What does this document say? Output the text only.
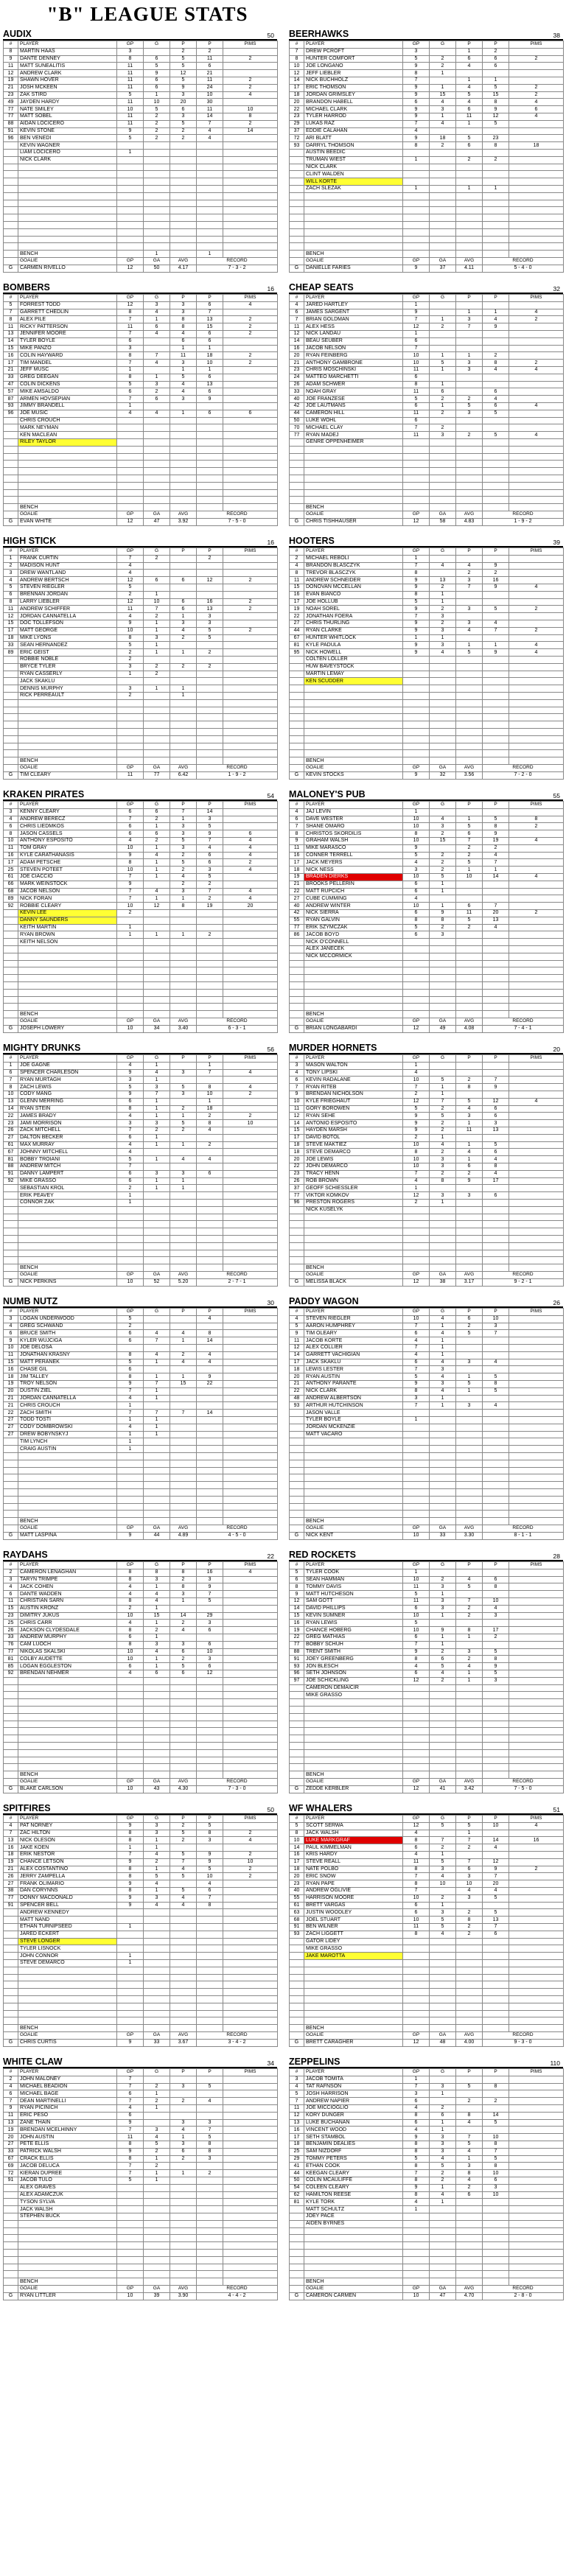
"B" LEAGUE STATS
AUDIX	50
#	PLAYER	GP	G	P	P	PIMS
8	MARTIN HAAS	3		2	2	
9	DANTE DENNEY	8	6	5	11	2
11	MATT SUNEALITIS	11	5	5	6	
12	ANDREW CLARK	11	9	12	21	
19	SHAWN HOVER	11	6	5	11	2
21	JOSH MCKEEN	11	6	9	24	2
23	ZAK STIRD	5	1	3	10	4
49	JAYDEN HARDY	11	10	20	30	
77	NATE SMILEY	10	5	6	11	10
77	MATT SOBEL	11	2	3	14	8
88	AIDAN LOCICERO	11	2	5	7	2
91	KEVIN STONE	9	2	2	4	14
96	BEN VENEDI	5	2	2	4	
	KEVIN WAGNER					
	LIAM LOCICERO	1				
	NICK CLARK					

	BENCH		1		1	
	GOALIE	GP	GA	AVG	RECORD	
G	CARMEN RIVELLO	12	50	4.17	7 - 3 - 2	
BEERHAWKS	38
#	PLAYER	GP	G	P	P	PIMS
7	DREW PCROFT	3		1	2	
8	HUNTER COMFORT	5	2	6	6	2
10	JOE LONGANO	9	2	4	6	
12	JEFF LIEBLER	8	1			
14	NICK BUCHHOLZ	7		1	1	
17	ERIC THOMSON	9	1	4	5	2
18	JORDAN GRIMSLEY	9	15	5	15	2
20	BRANDON HABELL	6	4	4	8	4
22	MICHAEL CLARK	9	3	6	9	6
23	TYLER HARROD	9	1	11	12	4
29	LUKAS RAZ	7	4	1	5	
37	EDDIE CALAHAN	4				
72	ARI BLATT	9	18	5	23	
93	DARRYL THOMSON	8	2	6	8	18
	AUSTIN BEEDIC					
	TRUMAN WIEST	1		2	2	
	NICK CLARK					
	CLINT WALDEN					
	WILL KORTE					
	ZACH SLEZAK	1		1	1	

	BENCH					
	GOALIE	GP	GA	AVG	RECORD	
G	DANIELLE FARIES	9	37	4.11	5 - 4 - 0	
BOMBERS	16
#	PLAYER	GP	G	P	P	PIMS
5	FORREST TODD	12	3	3	6	4
7	GARRETT CHEDLIN	8	4	3	7	
8	ALEX PILE	7	1	8	13	2
11	RICKY PATTERSON	11	6	8	15	2
13	JENNIFER MOORE	7	4	4	6	2
14	TYLER BOYLE	6		6	6	
15	MIKE PANZO	3		1	1	
16	COLIN HAYWARD	8	7	11	18	2
17	TIM MANDEL	7	4	3	10	2
21	JEFF MUSC	1		1	1	
33	GREG DEEGAN	8	1	5	6	
47	COLIN DICKENS	5	3	4	13	
57	MIKE AMSALDO	6	2	4	6	
87	ARMEN HOVSEPIAN	7	6	3	9	
93	JIMMY BRANDELL	1				
96	JOE MUSIC	4	4	1	6	6
	CHRIS CROUCH					
	MARK NEYMAN					
	KEN MACLEAN					
	RILEY TAYLOR					

	BENCH					
	GOALIE	GP	GA	AVG	RECORD	
G	EVAN WHITE	12	47	3.92	7 - 5 - 0	
CHEAP SEATS	32
#	PLAYER	GP	G	P	P	PIMS
4	JARED HARTLEY	1				
6	JAMES SARGENT	9		1	1	4
7	BRIAN GOLDMAN	7	1	3	4	2
11	ALEX HESS	12	2	7	9	
12	NICK LANDAU	1				
14	BEAU SEUBER	6				
16	JACOB NELSON	7				
20	RYAN FEINBERG	10	1	1	2	
21	ANTHONY GAMBRONE	10	5	3	8	2
23	CHRIS MOSCHINSKI	11	1	3	4	4
24	MATTEO MARCHETTI	6				
26	ADAM SCHWER	8	1			
33	NOAH GRAY	11	6		6	
40	JOE FRANZESE	5	2	2	4	
42	JOE LAUTMANS	6	1	5	6	4
44	CAMERON HILL	11	2	3	5	
50	LUKE WOHL	6				
70	MICHAEL CLAY	7	2			
77	RYAN MADEJ	11	3	2	5	4
	GENRE OPPENHEIMER					

	BENCH					
	GOALIE	GP	GA	AVG	RECORD	
G	CHRIS TISHHAUSER	12	58	4.83	1 - 9 - 2	
HIGH STICK	16
#	PLAYER	GP	G	P	P	PIMS
1	FRANK CURTIN	7	2		2	
2	MADISON HUNT	4				
3	DREW WANTLAND	4				
4	ANDREW BERTSCH	12	6	6	12	2
5	STEVEN RIEGLER	5				
6	BRENNAN JORDAN	2	1			
8	LARRY LIEBLER	12	10	6	16	2
11	ANDREW SCHIFFER	11	7	6	13	2
12	JORDAN CANNATELLA	4	2	1	3	
15	DOC TOLLEFSON	9	1	3	3	
17	MATT GEORGE	10	1	4	5	2
18	MIKE LYONS	8	3	2	5	
33	SEAN HERNANDEZ	5	1			
89	ERIC GEIST	2	1	1	2	
	ROBBIE NOBLE	2				
	BRYCE TYLER	3	2	2	2	
	RYAN CASSERLY	1	2			
	JACK SKAKLU					
	DENNIS MURPHY	3	1	1		
	RICK PERREAULT	2		1		

	BENCH					
	GOALIE	GP	GA	AVG	RECORD	
G	TIM CLEARY	11	77	6.42	1 - 9 - 2	
HOOTERS	39
#	PLAYER	GP	G	P	P	PIMS
2	MICHAEL REBOLI	1				
4	BRANDON BLASCZYK	7	4	4	9	
8	TREVOR BLASCZYK	8		2	2	
11	ANDREW SCHNEIDER	9	13	3	16	
15	DONOVAN MCCELLAN	9	2	7	9	4
16	EVAN BIANCO	8	1			
17	JOE HOLLUB	5	1			
19	NOAH SOREL	9	2	3	5	2
22	JONATHAN FOERA	7	3			
27	CHRIS THURLING	9	2	3	4	
44	RYAN CLARKE	9	3	4	7	2
67	HUNTER WHITLOCK	1	1			
81	KYLE PADULA	9	3	1	1	4
95	NICK HOWELL	9	4	5	9	4
	COLTEN LOLLER					
	HUW BAVEYSTOCK					
	MARTIN LEMAY					
	KEN SCUDDER					

	BENCH					
	GOALIE	GP	GA	AVG	RECORD	
G	KEVIN STOCKS	9	32	3.56	7 - 2 - 0	
KRAKEN PIRATES	54
#	PLAYER	GP	G	P	P	PIMS
3	KENNY CLEARY	6	6	7	14	
4	ANDREW BERECZ	7	2	1	3	
6	CHRIS LIEDMKOS	6	1	3	5	
8	JASON CASSELS	6	6	3	9	6
10	ANTHONY ESPOSITO	4	2	5	7	4
11	TOM GRAY	10	1	3	4	4
16	KYLE CARATHANASIS	9	4	2	6	4
17	ADAM PETSCHE	8	1	5	6	2
25	STEVEN POTEET	10	1	2	3	4
61	JOE CIACCIO	7	1	4	5	
66	MARK WEINSTOCK	9		2	2	
68	JACOB NELSON	7	4	3	7	4
89	NICK FORAN	7	1	1	2	4
92	ROBBIE CLEARY	10	12	8	19	20
	KEVIN LEE	2				
	DANNY SAUNDERS					
	KEITH MARTIN	1				
	RYAN BROWN	1	1	1	2	
	KEITH NELSON					

	BENCH					
	GOALIE	GP	GA	AVG	RECORD	
G	JOSEPH LOWERY	10	34	3.40	6 - 3 - 1	
MALONEY'S PUB	55
#	PLAYER	GP	G	P	P	PIMS
4	JAJ LEVIN	1				
6	DAVE WESTER	10	4	1	5	8
7	SHANE OMARO	10	3	5	8	2
8	CHRISTOS SKORDILIS	8	2	6	9	
9	GRAHAM WALSH	10	15	7	19	4
11	MIKE MARASCO	9		2	2	
16	CONNER TERRELL	5	2	2	4	
17	JACK MEYERS	4	2	5	7	
18	NICK NESS	3	2	1	1	
19	BRADEN DIERKS	10	5	10	14	4
21	BROOKS PELLERIN	6	1			
22	MATT RUPCICH	6	1			
27	CUBE CUMMING	4				
40	ANDREW WINTER	10	1	6	7	
42	NICK SIERRA	6	9	11	20	2
55	RYAN GALVIN	8	8	5	13	
77	ERIK SZYMCZAK	5	2	2	4	
86	JACOB BOYD	6	3			
	NICK O'CONNELL					
	ALEX JANECEK					
	NICK MCCORMICK					

	BENCH					
	GOALIE	GP	GA	AVG	RECORD	
G	BRIAN LONGABARDI	12	49	4.08	7 - 4 - 1	
MIGHTY DRUNKS	56
#	PLAYER	GP	G	P	P	PIMS
1	JOE GAGNE	4	1		1	
6	SPENCER CHARLESON	9	4	3	7	4
7	RYAN MURTAGH	3	1			
8	ZACH LEWIS	5	3	5	8	4
10	CODY MANG	9	7	3	10	2
13	GLENN MERRING	6	1		1	
14	RYAN STEIN	8	1	2	18	
22	JAMES BRADY	4	1	1	2	2
23	JAMI MORRISON	3	3	5	8	10
26	ZACK MITCHELL	7	2	2	4	
27	DALTON BECKER	6	1			
61	MAX MURRAY	4	1	1	2	
67	JOHNNY MITCHELL	4				
81	BOBBY TROIANI	5	1	4	4	
88	ANDREW MITCH	7				
91	DANNY LAMPERT	6	3	3	6	
92	MIKE GRASSO	6	1	1		
	SEBASTIAN KROL	2	1	1		
	ERIK PEAVEY	1				
	CONNOR ZAK	1				

	BENCH					
	GOALIE	GP	GA	AVG	RECORD	
G	NICK PERKINS	10	52	5.20	2 - 7 - 1	
MURDER HORNETS	20
#	PLAYER	GP	G	P	P	PIMS
3	MASON WALTON	1				
4	TONY LIPSKI	4				
6	KEVIN RADALANE	10	5	2	7	
7	RYAN RITEB	7	1	8	9	
9	BRENDAN NICHOLSON	2	1			
10	KYLE FRIEGHAUT	12	7	5	12	4
11	GORY BOROWEN	5	2	4	6	
12	RYAN SEHE	9	5	3	6	
14	ANTONIO ESPOSITO	9	2	1	3	
15	HAYDEN MARSH	9	2	11	13	
17	DAVID BOTOL	2	1			
18	STEVE MAKTIEZ	10	4	1	5	
18	STEVE DEMARCO	8	2	4	6	
20	JOE LEWIS	10	3	1	4	
22	JOHN DEMARCO	10	3	6	8	
23	TRACY HENN	7	2	2	4	
26	ROB BROWN	4	8	9	17	
37	GEOFF SCHIESSLER	1				
77	VIKTOR KOMKOV	12	3	3	6	
96	PRESTON ROGERS	2	1			
	NICK KUSELYK					

	BENCH					
	GOALIE	GP	GA	AVG	RECORD	
G	MELISSA BLACK	12	38	3.17	9 - 2 - 1	
NUMB NUTZ	30
#	PLAYER	GP	G	P	P	PIMS
3	LOGAN UNDERWOOD	5			4	
4	GREG SCHWAND	2				
6	BRUCE SMITH	6	4	4	8	
9	KYLER WUJCIGA	6	7	1	14	
10	JOE DELOSA					
11	JONATHAN KRASNY	8	4	2	4	
15	MATT PERANEK	5	1	4	4	
16	CHASE GIL	6				
18	JIM TALLEY	8	1	1	9	
19	TROY NELSON	9	7	15	22	
20	DUSTIN ZIEL	7	1			
21	JORDAN CANNATELLA	4	1			
21	CHRIS CROUCH	1				
22	ZACH SMITH	7	7	7	14	
27	TODD TOSTI	1	1			
27	CODY DOMBROWSKI	4	1			
27	DREW BOBYNSKYJ	1	1			
	TIM LYNCH	1				
	CRAIG AUSTIN	1				

	BENCH					
	GOALIE	GP	GA	AVG	RECORD	
G	MATT LASPINA	9	44	4.89	4 - 5 - 0	
PADDY WAGON	26
#	PLAYER	GP	G	P	P	PIMS
4	STEVEN RIEGLER	10	4	6	10	
5	AARON HUMPHREY	7	1	2	3	
9	TIM OLEARY	6	4	5	7	
11	JACOB KORTE	4	1			
12	ALEX COLLIER	7	1			
14	GARRETT VACHIGIAN	4	1			
17	JACK SKAKLU	6	4	3	4	
18	LEWIS LESTER	7	3			
20	RYAN AUSTIN	5	4	1	5	
21	ANTHONY PARANTE	9	3	5	8	
22	NICK CLARK	8	4	1	5	
48	ANDREW ALBERTSON	3	1			
93	ARTHUR HUTCHINSON	7	1	3	4	
	JASON VALLE					
	TYLER BOYLE	1				
	JORDAN MCKENZIE					
	MATT VACARO					

	BENCH					
	GOALIE	GP	GA	AVG	RECORD	
G	NICK KENT	10	33	3.30	8 - 1 - 1	
RAYDAHS	22
#	PLAYER	GP	G	P	P	PIMS
2	CAMERON LENAGHAN	8	8	8	16	4
3	TARYN TRIMPE	8	3	2	3	
4	JACK COHEN	4	1	8	9	
6	DANTE WADDEN	4	4	3	7	
11	CHRISTIAN SARN	8	4	1	5	
15	AUSTIN KRONZ	2	1			
23	DIMITRY JUKUS	10	15	14	29	
25	CHRIS CARR	4	1	2	3	
26	JACKSON CLYDESDALE	8	2	4	6	
33	ANDREW MURPHY	6	1			
76	CAM LUOCH	8	3	3	6	
77	NIKOLAS SKALSKI	10	4	6	10	
81	COLBY AUDETTE	10	1	2	3	
85	LOGAN EGGLESTON	6	1	5	6	
92	BRENDAN NEHMER	4	6	6	12	

	BENCH					
	GOALIE	GP	GA	AVG	RECORD	
G	BLAKE CARLSON	10	43	4.30	7 - 3 - 0	
RED ROCKETS	28
#	PLAYER	GP	G	P	P	PIMS
5	TYLER COOK	1				
6	SEAN HAMMAN	10	2	4	6	
8	TOMMY DAVIS	11	3	5	8	
9	MATT HUTCHESON	5	1			
12	SAM GOTT	11	3	7	10	
14	DAVID PHILLIPS	6	3	2	4	
15	KEVIN SUMNER	10	1	2	3	
16	RYAN LEWIS	5				
19	CHANCE HOBERG	10	9	8	17	
22	GREG MATHIAS	6	1	1	2	
77	BOBBY SCHUH	7	1			
88	TRENT SMITH	9	2	3	5	
91	JOEY GREENBERG	8	6	2	8	
93	JON BLESCH	4	5	4	9	
96	SETH JOHNSON	6	4	1	5	
97	JOE SCHICKLING	12	2	1	3	
	CAMERON DEMAICIR					
	MIKE GRASSO					

	BENCH					
	GOALIE	GP	GA	AVG	RECORD	
G	ZEDDE KERBLER	12	41	3.42	7 - 5 - 0	
SPITFIRES	50
#	PLAYER	GP	G	P	P	PIMS
4	PAT NORNEY	9	3	2	5	
7	ZAC HILTON	8	3	5	8	2
13	NICK OLESON	8	1	2	3	4
16	JAKE KOEN	1	1			
18	ERIK NESTOR	7	4	5	9	2
19	CHANCE LETSON	9	2	7	9	10
21	ALEX COSTANTINO	8	1	4	5	2
26	JERRY ZAMPELLA	8	5	5	10	2
27	FRANK OLIMARIO	9	4		4	
38	DAN CORYNNS	8	1	5	6	
77	DONNY MACDONALD	9	3	4	7	
91	SPENCER BELL	9	4	4	8	
	ANDREW KENNEDY					
	MATT NAND					
	ETHAN TURNIPSEED	1				
	JARED ECKERT					
	STEVE LONGER					
	TYLER LISNOCK					
	JOHN CONNOR	1				
	STEVE DEMARCO	1				

	BENCH					
	GOALIE	GP	GA	AVG	RECORD	
G	CHRIS CURTIS	9	33	3.67	3 - 4 - 2	
WF WHALERS	51
#	PLAYER	GP	G	P	P	PIMS
5	SCOTT SERWA	12	5	5	10	4
8	JACK WALSH	4		1		
10	LUKE MARKGRAF	8	7	7	14	16
14	PAUL KIMMELMAN	6	2	2	4	
16	KRIS HARDY	4	1			
17	STEVE REALL	11	5	7	12	
18	NATE POLBO	8	3	6	9	2
20	ERIC SNOW	7	4	3	7	
23	RYAN PAPE	8	10	10	20	
40	ANDREW OGLIVIE	7		4	4	
55	HARRISON MOORE	10	2	3	5	
61	BRETT VARGAS	6	1			
63	JUSTIN WOODLEY	6	3	2	5	
68	JOEL STUART	10	5	8	13	
91	BEN WILNER	11	5	2	7	
93	ZACH LIGGETT	8	4	2	6	
	GATOR LIDEY					
	MIKE GRASSO					
	JAKE MAROTTA					

	BENCH					
	GOALIE	GP	GA	AVG	RECORD	
G	BRETT CARAGHER	12	48	4.00	9 - 3 - 0	
WHITE CLAW	34
#	PLAYER	GP	G	P	P	PIMS
2	JOHN MALONEY	7				
4	MICHAEL BEADION	7	2	3	5	
6	MICHAEL BAGE	6	1			
7	DEAN MARTINELLI	7	2	2	4	
9	RYAN PICINICH	4	1			
11	ERIC PESO	6				
13	ZANE THAIN	9		3	3	
19	BRENDAN MCELHINNY	7	3	4	7	
20	JOHN AUSTIN	11	4	1	5	
27	PETE ELLIS	8	5	3	8	
33	PATRICK WALSH	9	2	6	8	
67	CRACK ELLIS	8	1	2	3	
69	JACOB DELUCA	7	2			
72	KIERAN DUPREE	7	1	1	2	
91	JACOB TULO	5	1			
	ALEX GRAVES					
	ALEX ADAMCZUK					
	TYSON SYLVA					
	JACK WALSH					
	STEPHEN BUCK					

	BENCH					
	GOALIE	GP	GA	AVG	RECORD	
G	RYAN LITTLER	10	39	3.90	4 - 4 - 2	
ZEPPELINS	110
#	PLAYER	GP	G	P	P	PIMS
3	JACOB TOMITA	1				
4	TAT RAFNSON	7	3	5	8	
5	JOSH HARRISON	3	1			
7	ANDREW NAPIER	6		2	2	
11	JOE MICCIOGLIO	4	2			
12	KORY DUNGER	8	6	8	14	
13	LUKE BUCHANAN	6	1	4	5	
16	VINCENT WOOD	4	1			
17	SETH STAMBOL	9	3	7	10	
18	BENJAMIN DEALIES	8	3	5	8	
25	SAM NIZDORF	8	3	4	7	
29	TOMMY PETERS	5	4	1	5	
41	ETHAN COOK	8	5	3	8	
44	KEEGAN CLEARY	7	2	8	10	
50	COLIN MCAULIFFE	8	2	4	6	
54	COLEEN CLEARY	9	1	2	3	
62	HAMILTON REESE	8	4	6	10	
81	KYLE TORK	4	1			
	MATT SCHULTZ	1				
	JOEY PACE					
	AIDEN BYRNES					

	BENCH					
	GOALIE	GP	GA	AVG	RECORD	
G	CAMERON CARMEN	10	47	4.70	2 - 8 - 0	
